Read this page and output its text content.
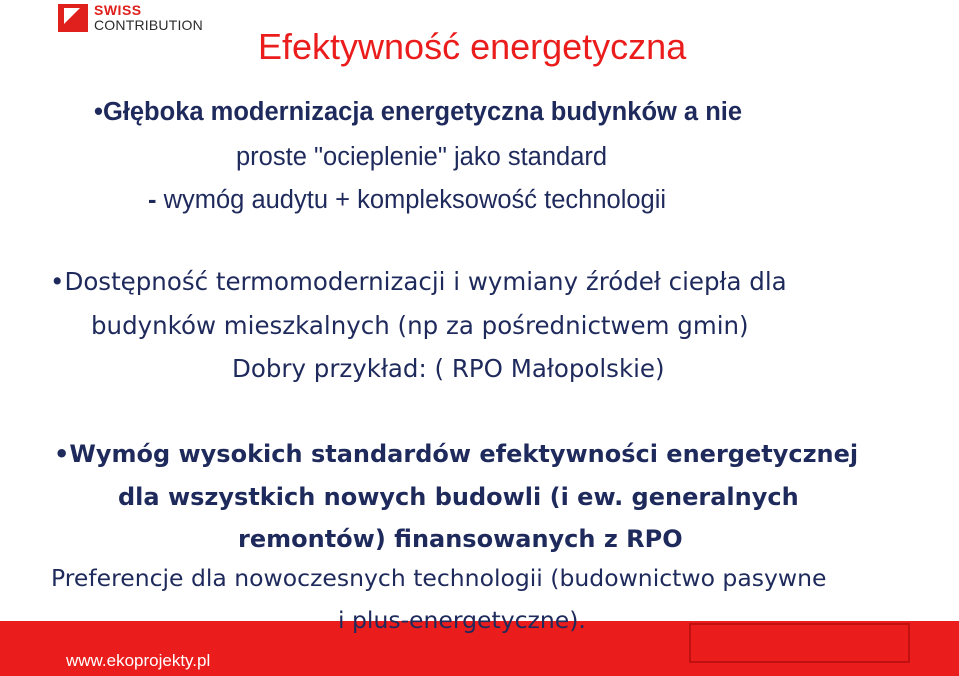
SWISS
CONTRIBUTION
Efektywność energetyczna
•Głęboka modernizacja energetyczna budynków a nie
proste "ocieplenie" jako standard
- wymóg audytu + kompleksowość technologii
•Dostępność termomodernizacji i wymiany źródeł ciepła dla
budynków mieszkalnych (np za pośrednictwem gmin)
Dobry przykład: ( RPO Małopolskie)
•Wymóg wysokich standardów efektywności energetycznej
dla wszystkich nowych budowli (i ew. generalnych
remontów) finansowanych z RPO
Preferencje dla nowoczesnych technologii (budownictwo pasywne
www.ekoprojekty.pl
i plus-energetyczne).
